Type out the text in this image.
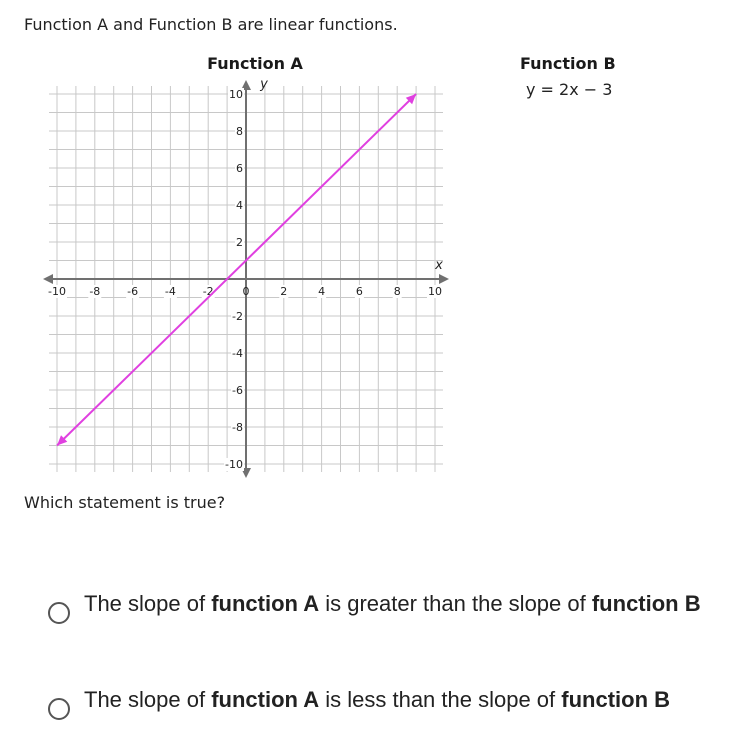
Function A and Function B are linear functions.
Function A	Function B
y = 2x − 3
x
y
-10 -8 -6 -4 -2	0	2	4	6	8 10
10
8
6
4
2
-2
-4
-6
-8
-10
Which statement is true?
The slope of function A is greater than the slope of function B
The slope of function A is less than the slope of function B
